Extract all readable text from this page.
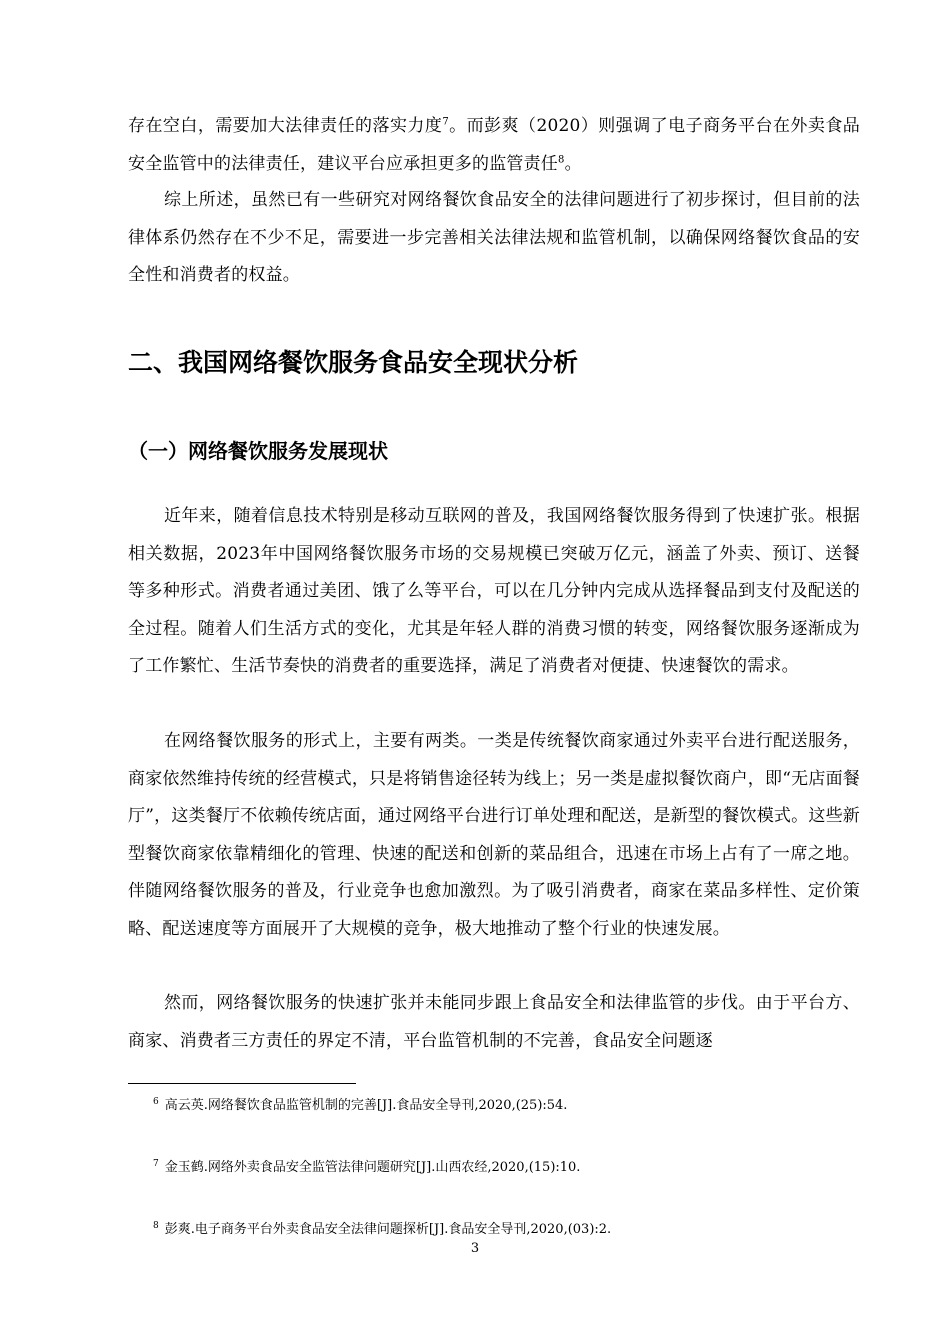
存在空白，需要加大法律责任的落实力度$^7$。而彭爽（2020）则强调了电子商务平台在外卖食品安全监管中的法律责任，建议平台应承担更多的监管责任$^8$。

综上所述，虽然已有一些研究对网络餐饮食品安全的法律问题进行了初步探讨，但目前的法律体系仍然存在不少不足，需要进一步完善相关法律法规和监管机制，以确保网络餐饮食品的安全性和消费者的权益。

二、我国网络餐饮服务食品安全现状分析
（一）网络餐饮服务发展现状

近年来，随着信息技术特别是移动互联网的普及，我国网络餐饮服务得到了快速扩张。根据相关数据，2023年中国网络餐饮服务市场的交易规模已突破万亿元，涵盖了外卖、预订、送餐等多种形式。消费者通过美团、饿了么等平台，可以在几分钟内完成从选择餐品到支付及配送的全过程。随着人们生活方式的变化，尤其是年轻人群的消费习惯的转变，网络餐饮服务逐渐成为了工作繁忙、生活节奏快的消费者的重要选择，满足了消费者对便捷、快速餐饮的需求。

在网络餐饮服务的形式上，主要有两类。一类是传统餐饮商家通过外卖平台进行配送服务，商家依然维持传统的经营模式，只是将销售途径转为线上；另一类是虚拟餐饮商户，即“无店面餐厅”，这类餐厅不依赖传统店面，通过网络平台进行订单处理和配送，是新型的餐饮模式。这些新型餐饮商家依靠精细化的管理、快速的配送和创新的菜品组合，迅速在市场上占有了一席之地。伴随网络餐饮服务的普及，行业竞争也愈加激烈。为了吸引消费者，商家在菜品多样性、定价策略、配送速度等方面展开了大规模的竞争，极大地推动了整个行业的快速发展。

然而，网络餐饮服务的快速扩张并未能同步跟上食品安全和法律监管的步伐。由于平台方、商家、消费者三方责任的界定不清，平台监管机制的不完善，食品安全问题逐

$^6$ 高云英.网络餐饮食品监管机制的完善[J].食品安全导刊,2020,(25):54.

$^7$ 金玉鹤.网络外卖食品安全监管法律问题研究[J].山西农经,2020,(15):10.

$^8$ 彭爽.电子商务平台外卖食品安全法律问题探析[J].食品安全导刊,2020,(03):2.

3
